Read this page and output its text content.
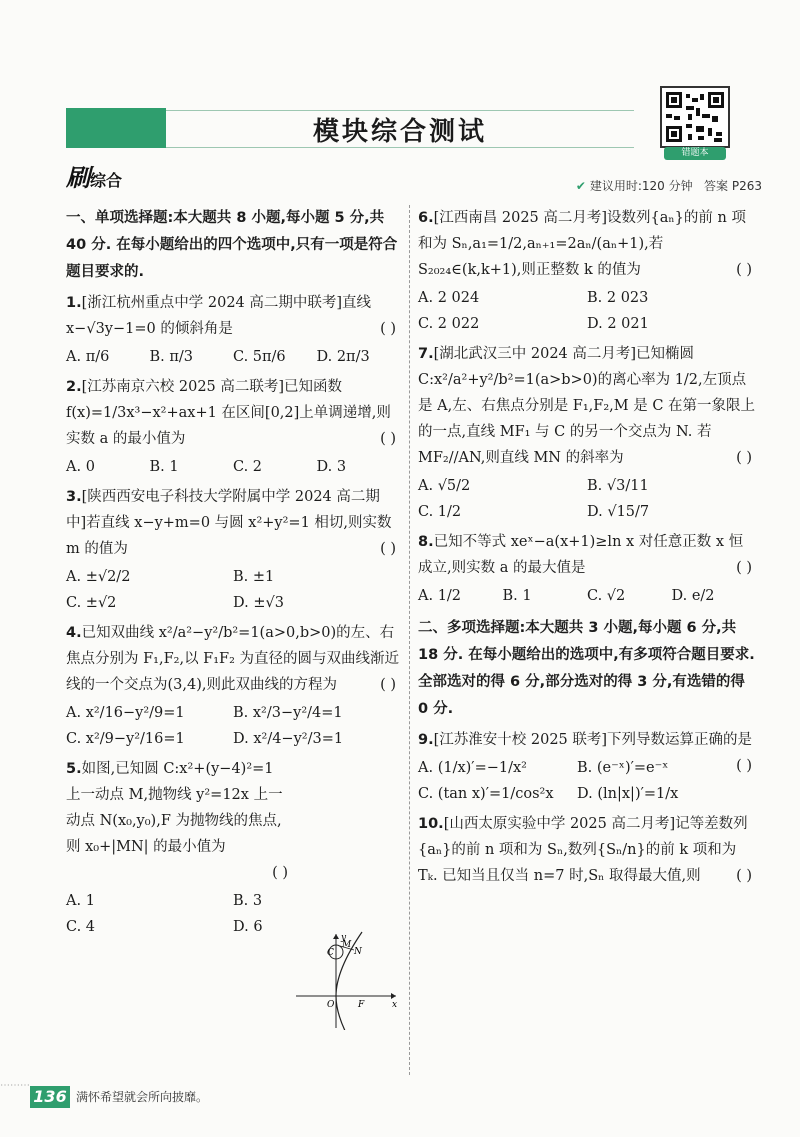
模块综合测试
错题本
刷综合	✔ 建议用时:120 分钟 答案 P263
一、单项选择题:本大题共 8 小题,每小题 5 分,共 40 分. 在每小题给出的四个选项中,只有一项是符合题目要求的.
1.[浙江杭州重点中学 2024 高二期中联考]直线 x−√3y−1=0 的倾斜角是	( )
A. π/6	B. π/3	C. 5π/6	D. 2π/3
2.[江苏南京六校 2025 高二联考]已知函数 f(x)=1/3x³−x²+ax+1 在区间[0,2]上单调递增,则实数 a 的最小值为	( )
A. 0	B. 1	C. 2	D. 3
3.[陕西西安电子科技大学附属中学 2024 高二期中]若直线 x−y+m=0 与圆 x²+y²=1 相切,则实数 m 的值为	( )
A. ±√2/2	B. ±1
C. ±√2	D. ±√3
4.已知双曲线 x²/a²−y²/b²=1(a>0,b>0)的左、右焦点分别为 F₁,F₂,以 F₁F₂ 为直径的圆与双曲线渐近线的一个交点为(3,4),则此双曲线的方程为	( )
A. x²/16−y²/9=1	B. x²/3−y²/4=1
C. x²/9−y²/16=1	D. x²/4−y²/3=1
5.如图,已知圆 C:x²+(y−4)²=1 上一动点 M,抛物线 y²=12x 上一动点 N(x₀,y₀),F 为抛物线的焦点,则 x₀+|MN| 的最小值为
( )
A. 1	B. 3
C. 4	D. 6
y
M
C N
O	F	x
6.[江西南昌 2025 高二月考]设数列{aₙ}的前 n 项和为 Sₙ,a₁=1/2,aₙ₊₁=2aₙ/(aₙ+1),若 S₂₀₂₄∈(k,k+1),则正整数 k 的值为	( )
A. 2 024	B. 2 023
C. 2 022	D. 2 021
7.[湖北武汉三中 2024 高二月考]已知椭圆 C:x²/a²+y²/b²=1(a>b>0)的离心率为 1/2,左顶点是 A,左、右焦点分别是 F₁,F₂,M 是 C 在第一象限上的一点,直线 MF₁ 与 C 的另一个交点为 N. 若 MF₂//AN,则直线 MN 的斜率为	( )
A. √5/2	B. √3/11
C. 1/2	D. √15/7
8.已知不等式 xeˣ−a(x+1)≥ln x 对任意正数 x 恒成立,则实数 a 的最大值是	( )
A. 1/2	B. 1	C. √2	D. e/2
二、多项选择题:本大题共 3 小题,每小题 6 分,共 18 分. 在每小题给出的选项中,有多项符合题目要求. 全部选对的得 6 分,部分选对的得 3 分,有选错的得 0 分.
9.[江苏淮安十校 2025 联考]下列导数运算正确的是
( )
A. (1/x)′=−1/x²	B. (e⁻ˣ)′=e⁻ˣ
C. (tan x)′=1/cos²x	D. (ln|x|)′=1/x
10.[山西太原实验中学 2025 高二月考]记等差数列{aₙ}的前 n 项和为 Sₙ,数列{Sₙ/n}的前 k 项和为 Tₖ. 已知当且仅当 n=7 时,Sₙ 取得最大值,则 ( )
⋯⋯⋯
136 满怀希望就会所向披靡。
